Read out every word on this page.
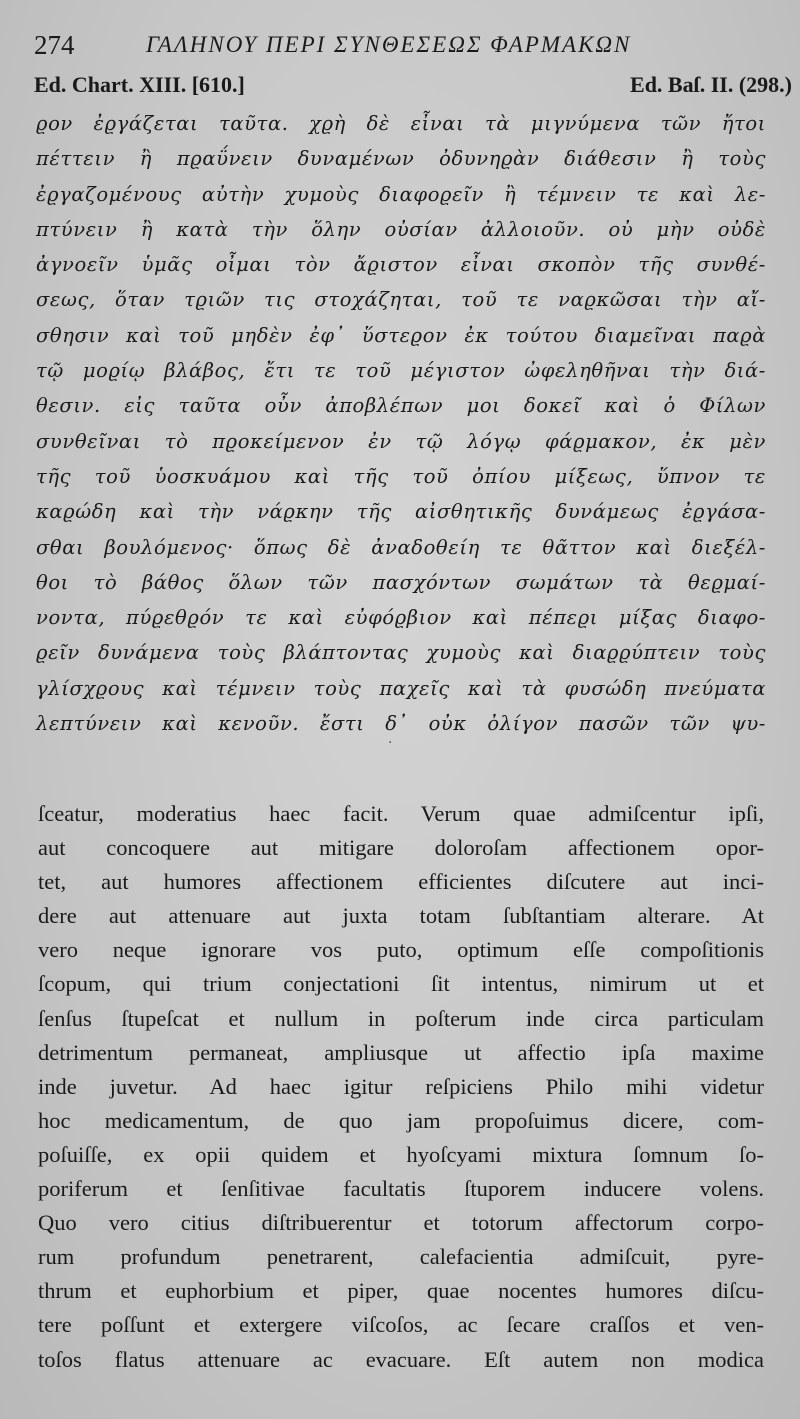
274	ΓΑΛΗΝΟΥ ΠΕΡΙ ΣΥΝΘΕΣΕΩΣ ΦΑΡΜΑΚΩΝ
Ed. Chart. XIII. [610.]	Ed. Baſ. II. (298.)
ϱον ἐϱγάζεται ταῦτα. χϱὴ δὲ εἶναι τὰ μιγνύμενα τῶν ἤτοι
πέττειν ἢ πϱαΰνειν δυναμένων ὀδυνηϱὰν διάθεσιν ἢ τοὺς
ἐϱγαζομένους αὐτὴν χυμοὺς διαφοϱεῖν ἢ τέμνειν τε καὶ λε-
πτύνειν ἢ κατὰ τὴν ὅλην οὐσίαν ἀλλοιοῦν. οὐ μὴν οὐδὲ
ἀγνοεῖν ὑμᾶς οἶμαι τὸν ἄϱιστον εἶναι σκοπὸν τῆς συνθέ-
σεως, ὅταν τϱιῶν τις στοχάζηται, τοῦ τε ναϱκῶσαι τὴν αἴ-
σθησιν καὶ τοῦ μηδὲν ἐφ᾽ ὕστεϱον ἐκ τούτου διαμεῖναι παϱὰ
τῷ μοϱίῳ βλάβος, ἔτι τε τοῦ μέγιστον ὠφεληθῆναι τὴν διά-
θεσιν. εἰς ταῦτα οὖν ἀποβλέπων μοι δοκεῖ καὶ ὁ Φίλων
συνθεῖναι τὸ πϱοκείμενον ἐν τῷ λόγῳ φάϱμακον, ἐκ μὲν
τῆς τοῦ ὑοσκυάμου καὶ τῆς τοῦ ὀπίου μίξεως, ὕπνον τε
καϱώδη καὶ τὴν νάϱκην τῆς αἰσθητικῆς δυνάμεως ἐϱγάσα-
σθαι βουλόμενος· ὅπως δὲ ἀναδοθείη τε θᾶττον καὶ διεξέλ-
θοι τὸ βάθος ὅλων τῶν πασχόντων σωμάτων τὰ θεϱμαί-
νοντα, πύϱεθϱόν τε καὶ εὐφόϱβιον καὶ πέπεϱι μίξας διαφο-
ϱεῖν δυνάμενα τοὺς βλάπτοντας χυμοὺς καὶ διαϱϱύπτειν τοὺς
γλίσχϱους καὶ τέμνειν τοὺς παχεῖς καὶ τὰ φυσώδη πνεύματα
λεπτύνειν καὶ κενοῦν. ἔστι δ᾽ οὐκ ὀλίγον πασῶν τῶν ψυ-
·
ſceatur, moderatius haec facit. Verum quae admiſcentur ipſi,
aut concoquere aut mitigare doloroſam affectionem opor-
tet, aut humores affectionem efficientes diſcutere aut inci-
dere aut attenuare aut juxta totam ſubſtantiam alterare. At
vero neque ignorare vos puto, optimum eſſe compoſitionis
ſcopum, qui trium conjectationi ſit intentus, nimirum ut et
ſenſus ſtupeſcat et nullum in poſterum inde circa particulam
detrimentum permaneat, ampliusque ut affectio ipſa maxime
inde juvetur. Ad haec igitur reſpiciens Philo mihi videtur
hoc medicamentum, de quo jam propoſuimus dicere, com-
poſuiſſe, ex opii quidem et hyoſcyami mixtura ſomnum ſo-
poriferum et ſenſitivae facultatis ſtuporem inducere volens.
Quo vero citius diſtribuerentur et totorum affectorum corpo-
rum profundum penetrarent, calefacientia admiſcuit, pyre-
thrum et euphorbium et piper, quae nocentes humores diſcu-
tere poſſunt et extergere viſcoſos, ac ſecare craſſos et ven-
toſos flatus attenuare ac evacuare. Eſt autem non modica
